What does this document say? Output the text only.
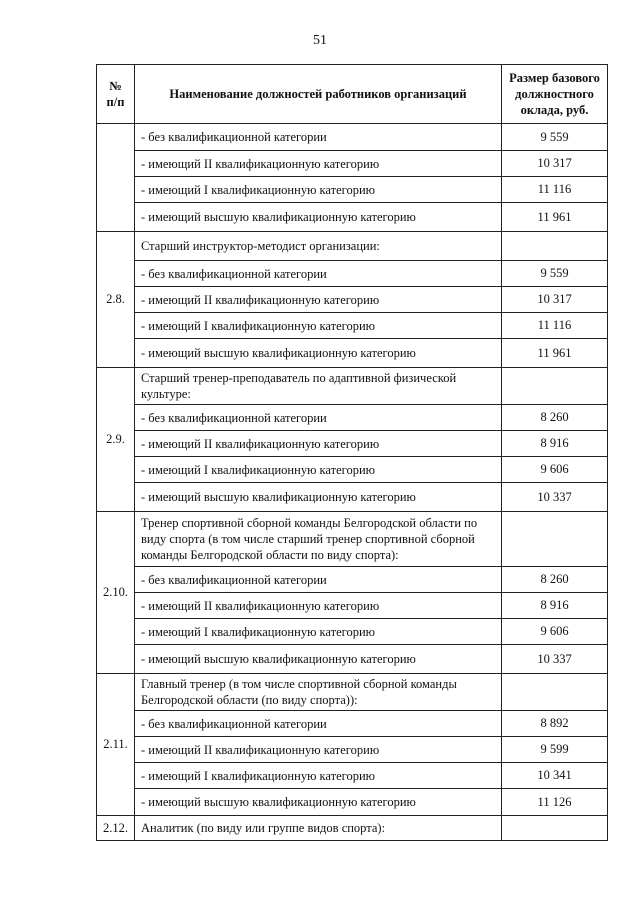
51
№ п/п	Наименование должностей работников организаций	Размер базового должностного оклада, руб.
	- без квалификационной категории	9 559
	- имеющий II квалификационную категорию	10 317
	- имеющий I квалификационную категорию	11 116
	- имеющий высшую квалификационную категорию	11 961
2.8.	Старший инструктор-методист организации:	
	- без квалификационной категории	9 559
	- имеющий II квалификационную категорию	10 317
	- имеющий I квалификационную категорию	11 116
	- имеющий высшую квалификационную категорию	11 961
2.9.	Старший тренер-преподаватель по адаптивной физической культуре:	
	- без квалификационной категории	8 260
	- имеющий II квалификационную категорию	8 916
	- имеющий I квалификационную категорию	9 606
	- имеющий высшую квалификационную категорию	10 337
2.10.	Тренер спортивной сборной команды Белгородской области по виду спорта (в том числе старший тренер спортивной сборной команды Белгородской области по виду спорта):	
	- без квалификационной категории	8 260
	- имеющий II квалификационную категорию	8 916
	- имеющий I квалификационную категорию	9 606
	- имеющий высшую квалификационную категорию	10 337
2.11.	Главный тренер (в том числе спортивной сборной команды Белгородской области (по виду спорта)):	
	- без квалификационной категории	8 892
	- имеющий II квалификационную категорию	9 599
	- имеющий I квалификационную категорию	10 341
	- имеющий высшую квалификационную категорию	11 126
2.12.	Аналитик (по виду или группе видов спорта):	
